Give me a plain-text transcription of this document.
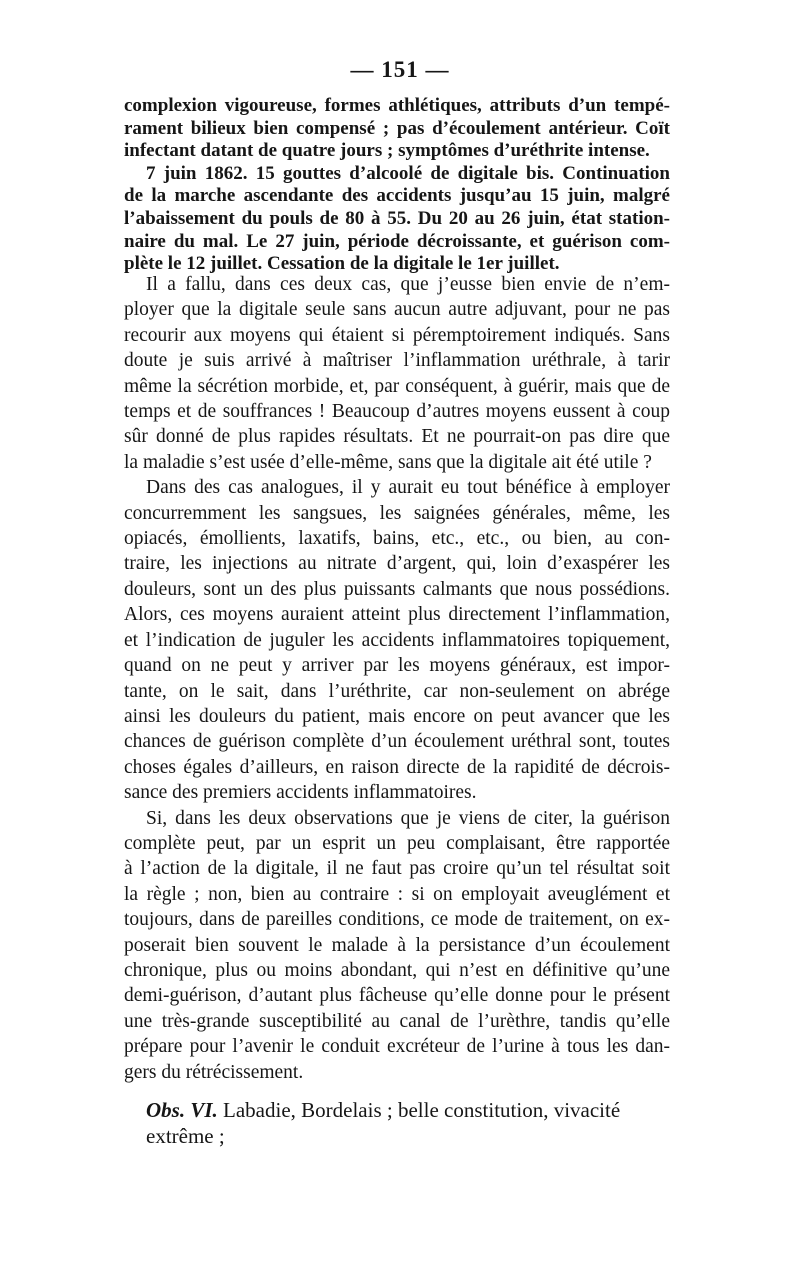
— 151 —
complexion vigoureuse, formes athlétiques, attributs d’un tempé-
rament bilieux bien compensé ; pas d’écoulement antérieur. Coït
infectant datant de quatre jours ; symptômes d’uréthrite intense.
7 juin 1862. 15 gouttes d’alcoolé de digitale bis. Continuation
de la marche ascendante des accidents jusqu’au 15 juin, malgré
l’abaissement du pouls de 80 à 55. Du 20 au 26 juin, état station-
naire du mal. Le 27 juin, période décroissante, et guérison com-
plète le 12 juillet. Cessation de la digitale le 1er juillet.
Il a fallu, dans ces deux cas, que j’eusse bien envie de n’em-
ployer que la digitale seule sans aucun autre adjuvant, pour ne pas
recourir aux moyens qui étaient si péremptoirement indiqués. Sans
doute je suis arrivé à maîtriser l’inflammation uréthrale, à tarir
même la sécrétion morbide, et, par conséquent, à guérir, mais que de
temps et de souffrances ! Beaucoup d’autres moyens eussent à coup
sûr donné de plus rapides résultats. Et ne pourrait-on pas dire que
la maladie s’est usée d’elle-même, sans que la digitale ait été utile ?
Dans des cas analogues, il y aurait eu tout bénéfice à employer
concurremment les sangsues, les saignées générales, même, les
opiacés, émollients, laxatifs, bains, etc., etc., ou bien, au con-
traire, les injections au nitrate d’argent, qui, loin d’exaspérer les
douleurs, sont un des plus puissants calmants que nous possédions.
Alors, ces moyens auraient atteint plus directement l’inflammation,
et l’indication de juguler les accidents inflammatoires topiquement,
quand on ne peut y arriver par les moyens généraux, est impor-
tante, on le sait, dans l’uréthrite, car non-seulement on abrége
ainsi les douleurs du patient, mais encore on peut avancer que les
chances de guérison complète d’un écoulement uréthral sont, toutes
choses égales d’ailleurs, en raison directe de la rapidité de décrois-
sance des premiers accidents inflammatoires.
Si, dans les deux observations que je viens de citer, la guérison
complète peut, par un esprit un peu complaisant, être rapportée
à l’action de la digitale, il ne faut pas croire qu’un tel résultat soit
la règle ; non, bien au contraire : si on employait aveuglément et
toujours, dans de pareilles conditions, ce mode de traitement, on ex-
poserait bien souvent le malade à la persistance d’un écoulement
chronique, plus ou moins abondant, qui n’est en définitive qu’une
demi-guérison, d’autant plus fâcheuse qu’elle donne pour le présent
une très-grande susceptibilité au canal de l’urèthre, tandis qu’elle
prépare pour l’avenir le conduit excréteur de l’urine à tous les dan-
gers du rétrécissement.
Obs. VI. Labadie, Bordelais ; belle constitution, vivacité extrême ;
